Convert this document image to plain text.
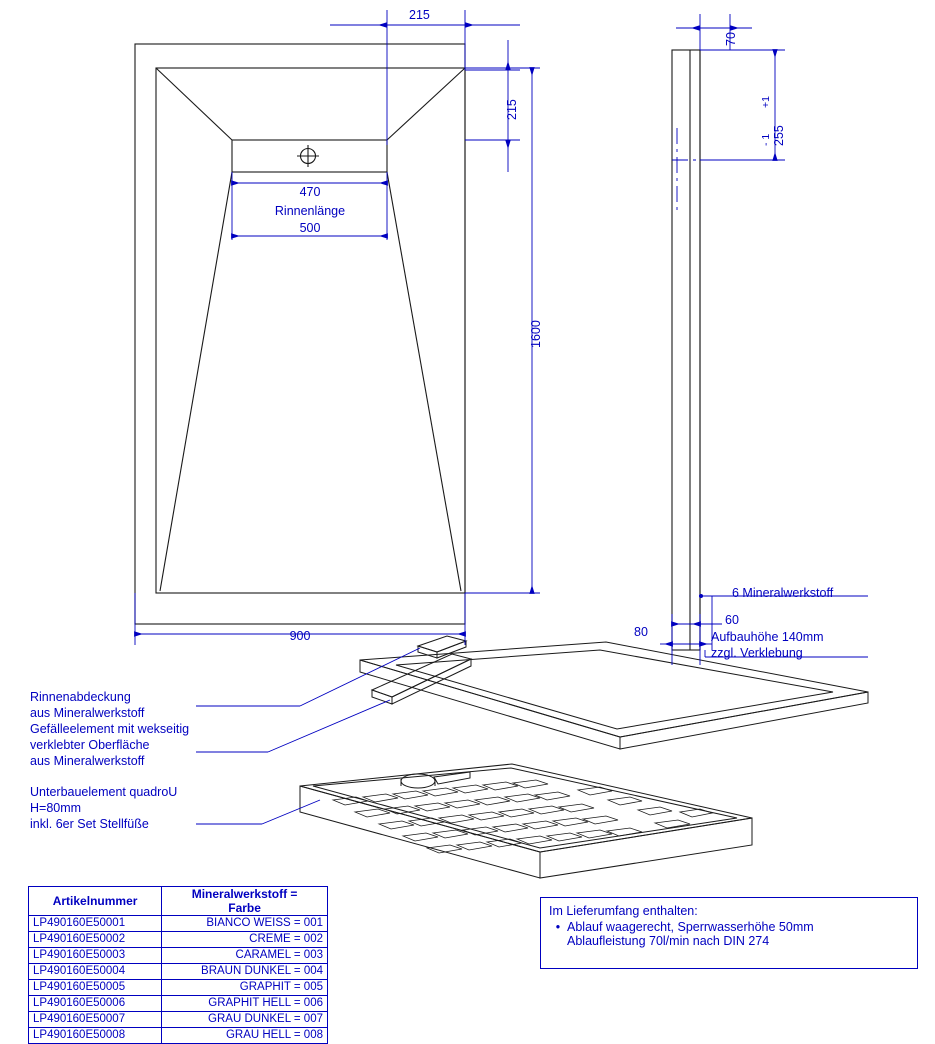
215
215
1600
470
Rinnenlänge
500
900
70
255
+1
- 1
6 Mineralwerkstoff
60
80	Aufbauhöhe 140mm
zzgl. Verklebung
Rinnenabdeckung
aus Mineralwerkstoff
Gefälleelement mit wekseitig
verklebter Oberfläche
aus Mineralwerkstoff
Unterbauelement quadroU
H=80mm
inkl. 6er Set Stellfüße
Artikelnummer	Mineralwerkstoff =
Farbe

LP490160E50001	BIANCO WEISS = 001
LP490160E50002	CREME = 002
LP490160E50003	CARAMEL = 003
LP490160E50004	BRAUN DUNKEL = 004
LP490160E50005	GRAPHIT = 005
LP490160E50006	GRAPHIT HELL = 006
LP490160E50007	GRAU DUNKEL = 007
LP490160E50008	GRAU HELL = 008
Im Lieferumfang enthalten:
• Ablauf waagerecht, Sperrwasserhöhe 50mm
Ablaufleistung 70l/min nach DIN 274
